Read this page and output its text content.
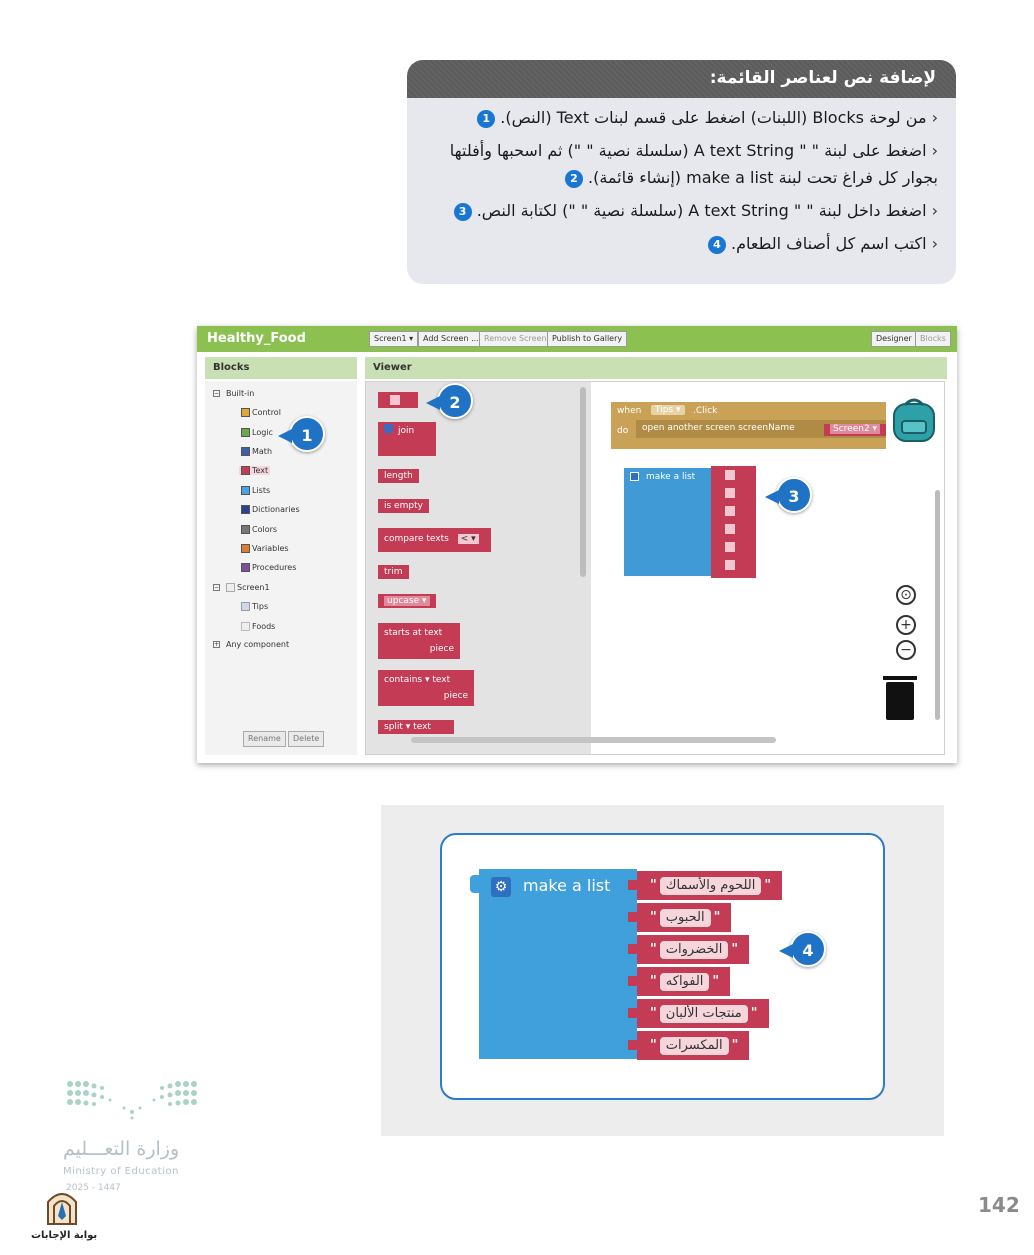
لإضافة نص لعناصر القائمة:
‹ من لوحة Blocks (اللبنات) اضغط على قسم لبنات Text (النص). 1
‹ اضغط على لبنة " " A text String (سلسلة نصية " ") ثم اسحبها وأفلتها بجوار كل فراغ تحت لبنة make a list (إنشاء قائمة). 2
‹ اضغط داخل لبنة " " A text String (سلسلة نصية " ") لكتابة النص. 3
‹ اكتب اسم كل أصناف الطعام. 4
Healthy_Food	Screen1 ▾	Add Screen ... Remove Screen Publish to Gallery	Designer	Blocks
Blocks	Viewer
− Built-in
Control
Logic
Math
Text
Lists
Dictionaries
Colors
Variables
Procedures
− Screen1
Tips
Foods
+ Any component
Rename	Delete
join
length
is empty
compare texts < ▾
trim
upcase ▾
starts at text
piece
contains ▾ text
piece
split ▾ text
when	Tips ▾	.Click
do open another screen screenName	Screen2 ▾
make a list
⊙
+
−
1
2
3
⚙ make a list	" اللحوم والأسماك "
" الحبوب "
" الخضروات "
" الفواكه "
" منتجات الألبان "
" المكسرات "
4
وزارة التعـــليم
Ministry of Education
2025 - 1447
بوابة الإجابات
142
